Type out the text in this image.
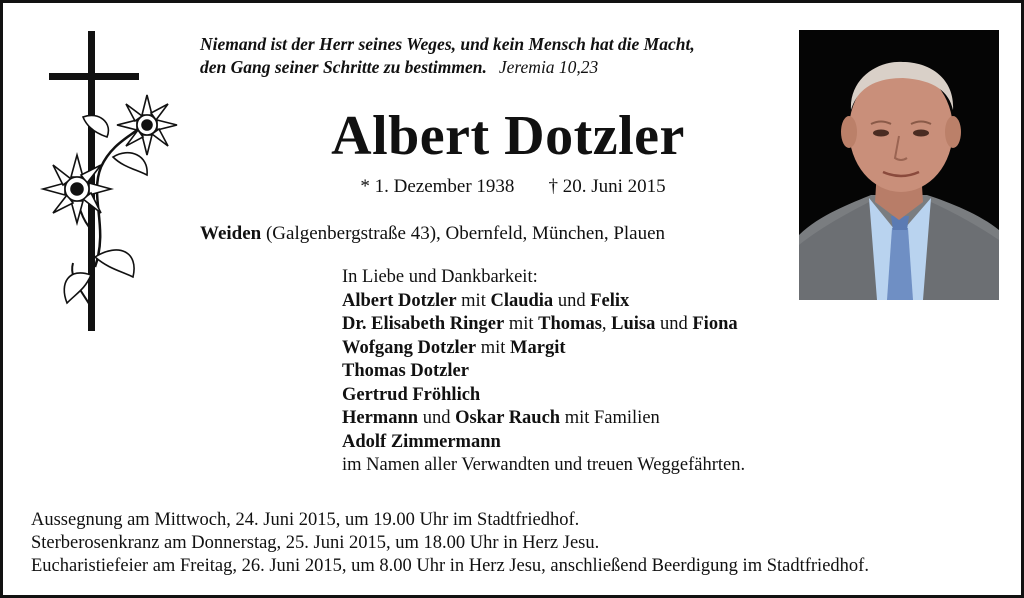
Niemand ist der Herr seines Weges, und kein Mensch hat die Macht,
den Gang seiner Schritte zu bestimmen. Jeremia 10,23
Albert Dotzler
* 1. Dezember 1938 † 20. Juni 2015
Weiden (Galgenbergstraße 43), Obernfeld, München, Plauen
In Liebe und Dankbarkeit:
Albert Dotzler mit Claudia und Felix
Dr. Elisabeth Ringer mit Thomas, Luisa und Fiona
Wofgang Dotzler mit Margit
Thomas Dotzler
Gertrud Fröhlich
Hermann und Oskar Rauch mit Familien
Adolf Zimmermann
im Namen aller Verwandten und treuen Weggefährten.
Aussegnung am Mittwoch, 24. Juni 2015, um 19.00 Uhr im Stadtfriedhof.
Sterberosenkranz am Donnerstag, 25. Juni 2015, um 18.00 Uhr in Herz Jesu.
Eucharistiefeier am Freitag, 26. Juni 2015, um 8.00 Uhr in Herz Jesu, anschließend Beerdigung im Stadtfriedhof.
